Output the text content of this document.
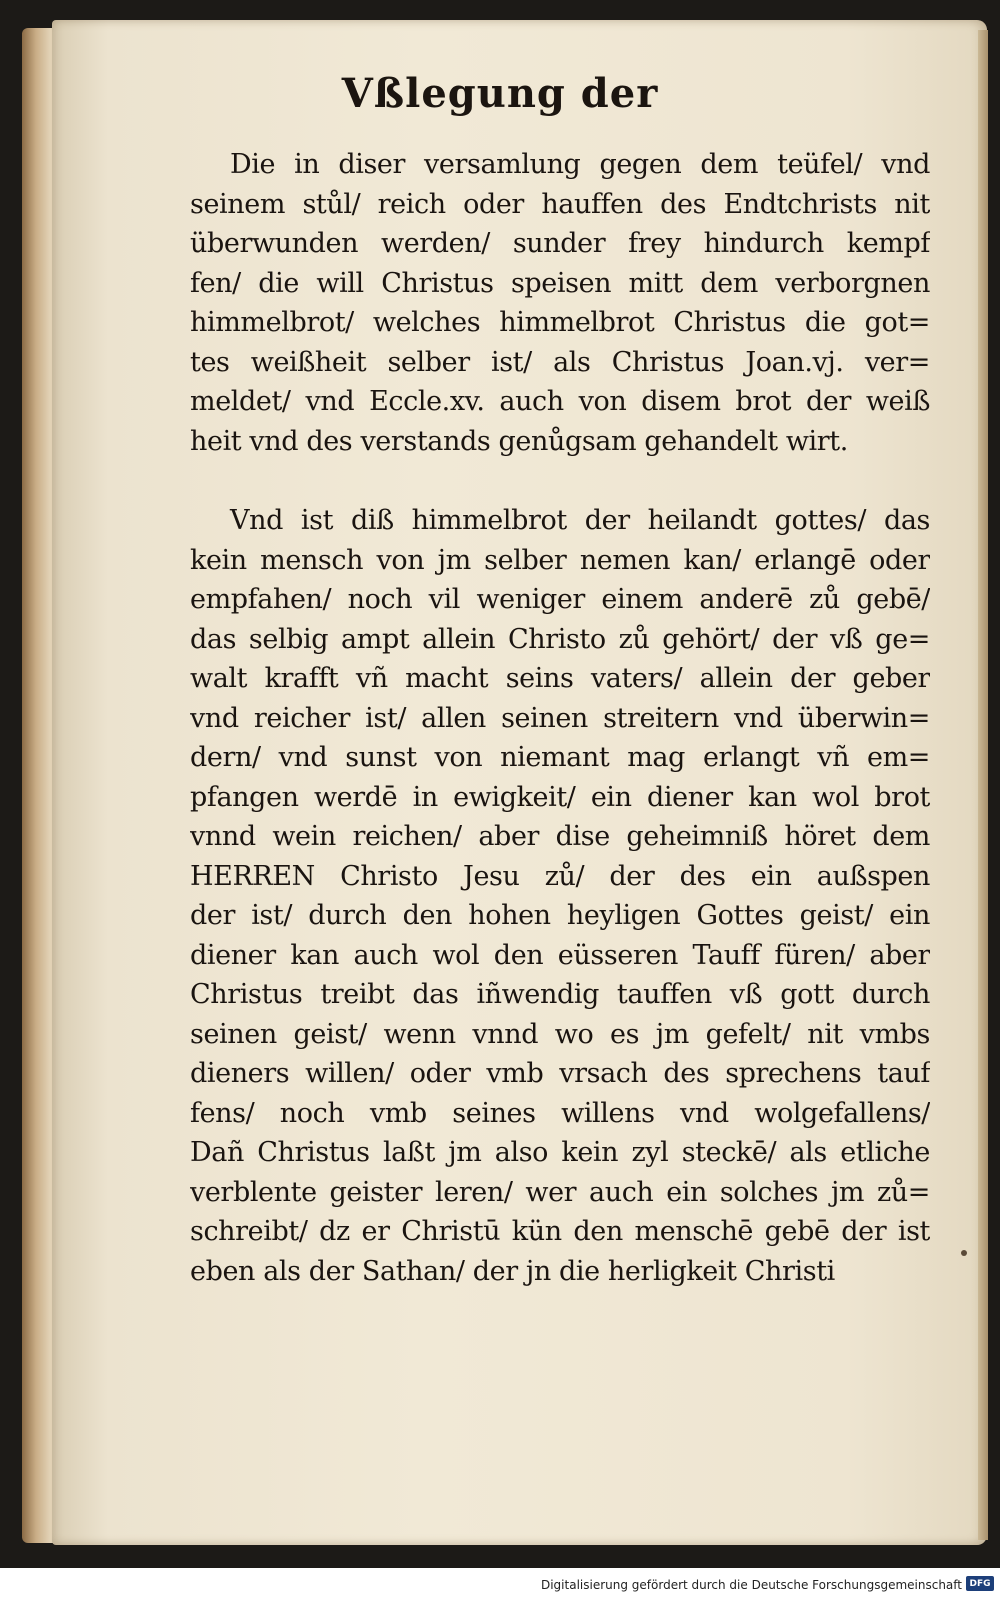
Vßlegung der
Die in diser versamlung gegen dem teüfel/ vnd
seinem stůl/ reich oder hauffen des Endtchrists nit
überwunden werden/ sunder frey hindurch kempf
fen/ die will Christus speisen mitt dem verborgnen
himmelbrot/ welches himmelbrot Christus die got=
tes weißheit selber ist/ als Christus Joan.vj. ver=
meldet/ vnd Eccle.xv. auch von disem brot der weiß
heit vnd des verstands genůgsam gehandelt wirt.
Vnd ist diß himmelbrot der heilandt gottes/ das
kein mensch von jm selber nemen kan/ erlangē oder
empfahen/ noch vil weniger einem anderē zů gebē/
das selbig ampt allein Christo zů gehört/ der vß ge=
walt krafft vñ macht seins vaters/ allein der geber
vnd reicher ist/ allen seinen streitern vnd überwin=
dern/ vnd sunst von niemant mag erlangt vñ em=
pfangen werdē in ewigkeit/ ein diener kan wol brot
vnnd wein reichen/ aber dise geheimniß höret dem
HERREN Christo Jesu zů/ der des ein außspen
der ist/ durch den hohen heyligen Gottes geist/ ein
diener kan auch wol den eüsseren Tauff füren/ aber
Christus treibt das iñwendig tauffen vß gott durch
seinen geist/ wenn vnnd wo es jm gefelt/ nit vmbs
dieners willen/ oder vmb vrsach des sprechens tauf
fens/ noch vmb seines willens vnd wolgefallens/
Dañ Christus laßt jm also kein zyl steckē/ als etliche
verblente geister leren/ wer auch ein solches jm zů=
schreibt/ dz er Christū kün den menschē gebē der ist
eben als der Sathan/ der jn die herligkeit Christi
Digitalisierung gefördert durch die Deutsche Forschungsgemeinschaft DFG
